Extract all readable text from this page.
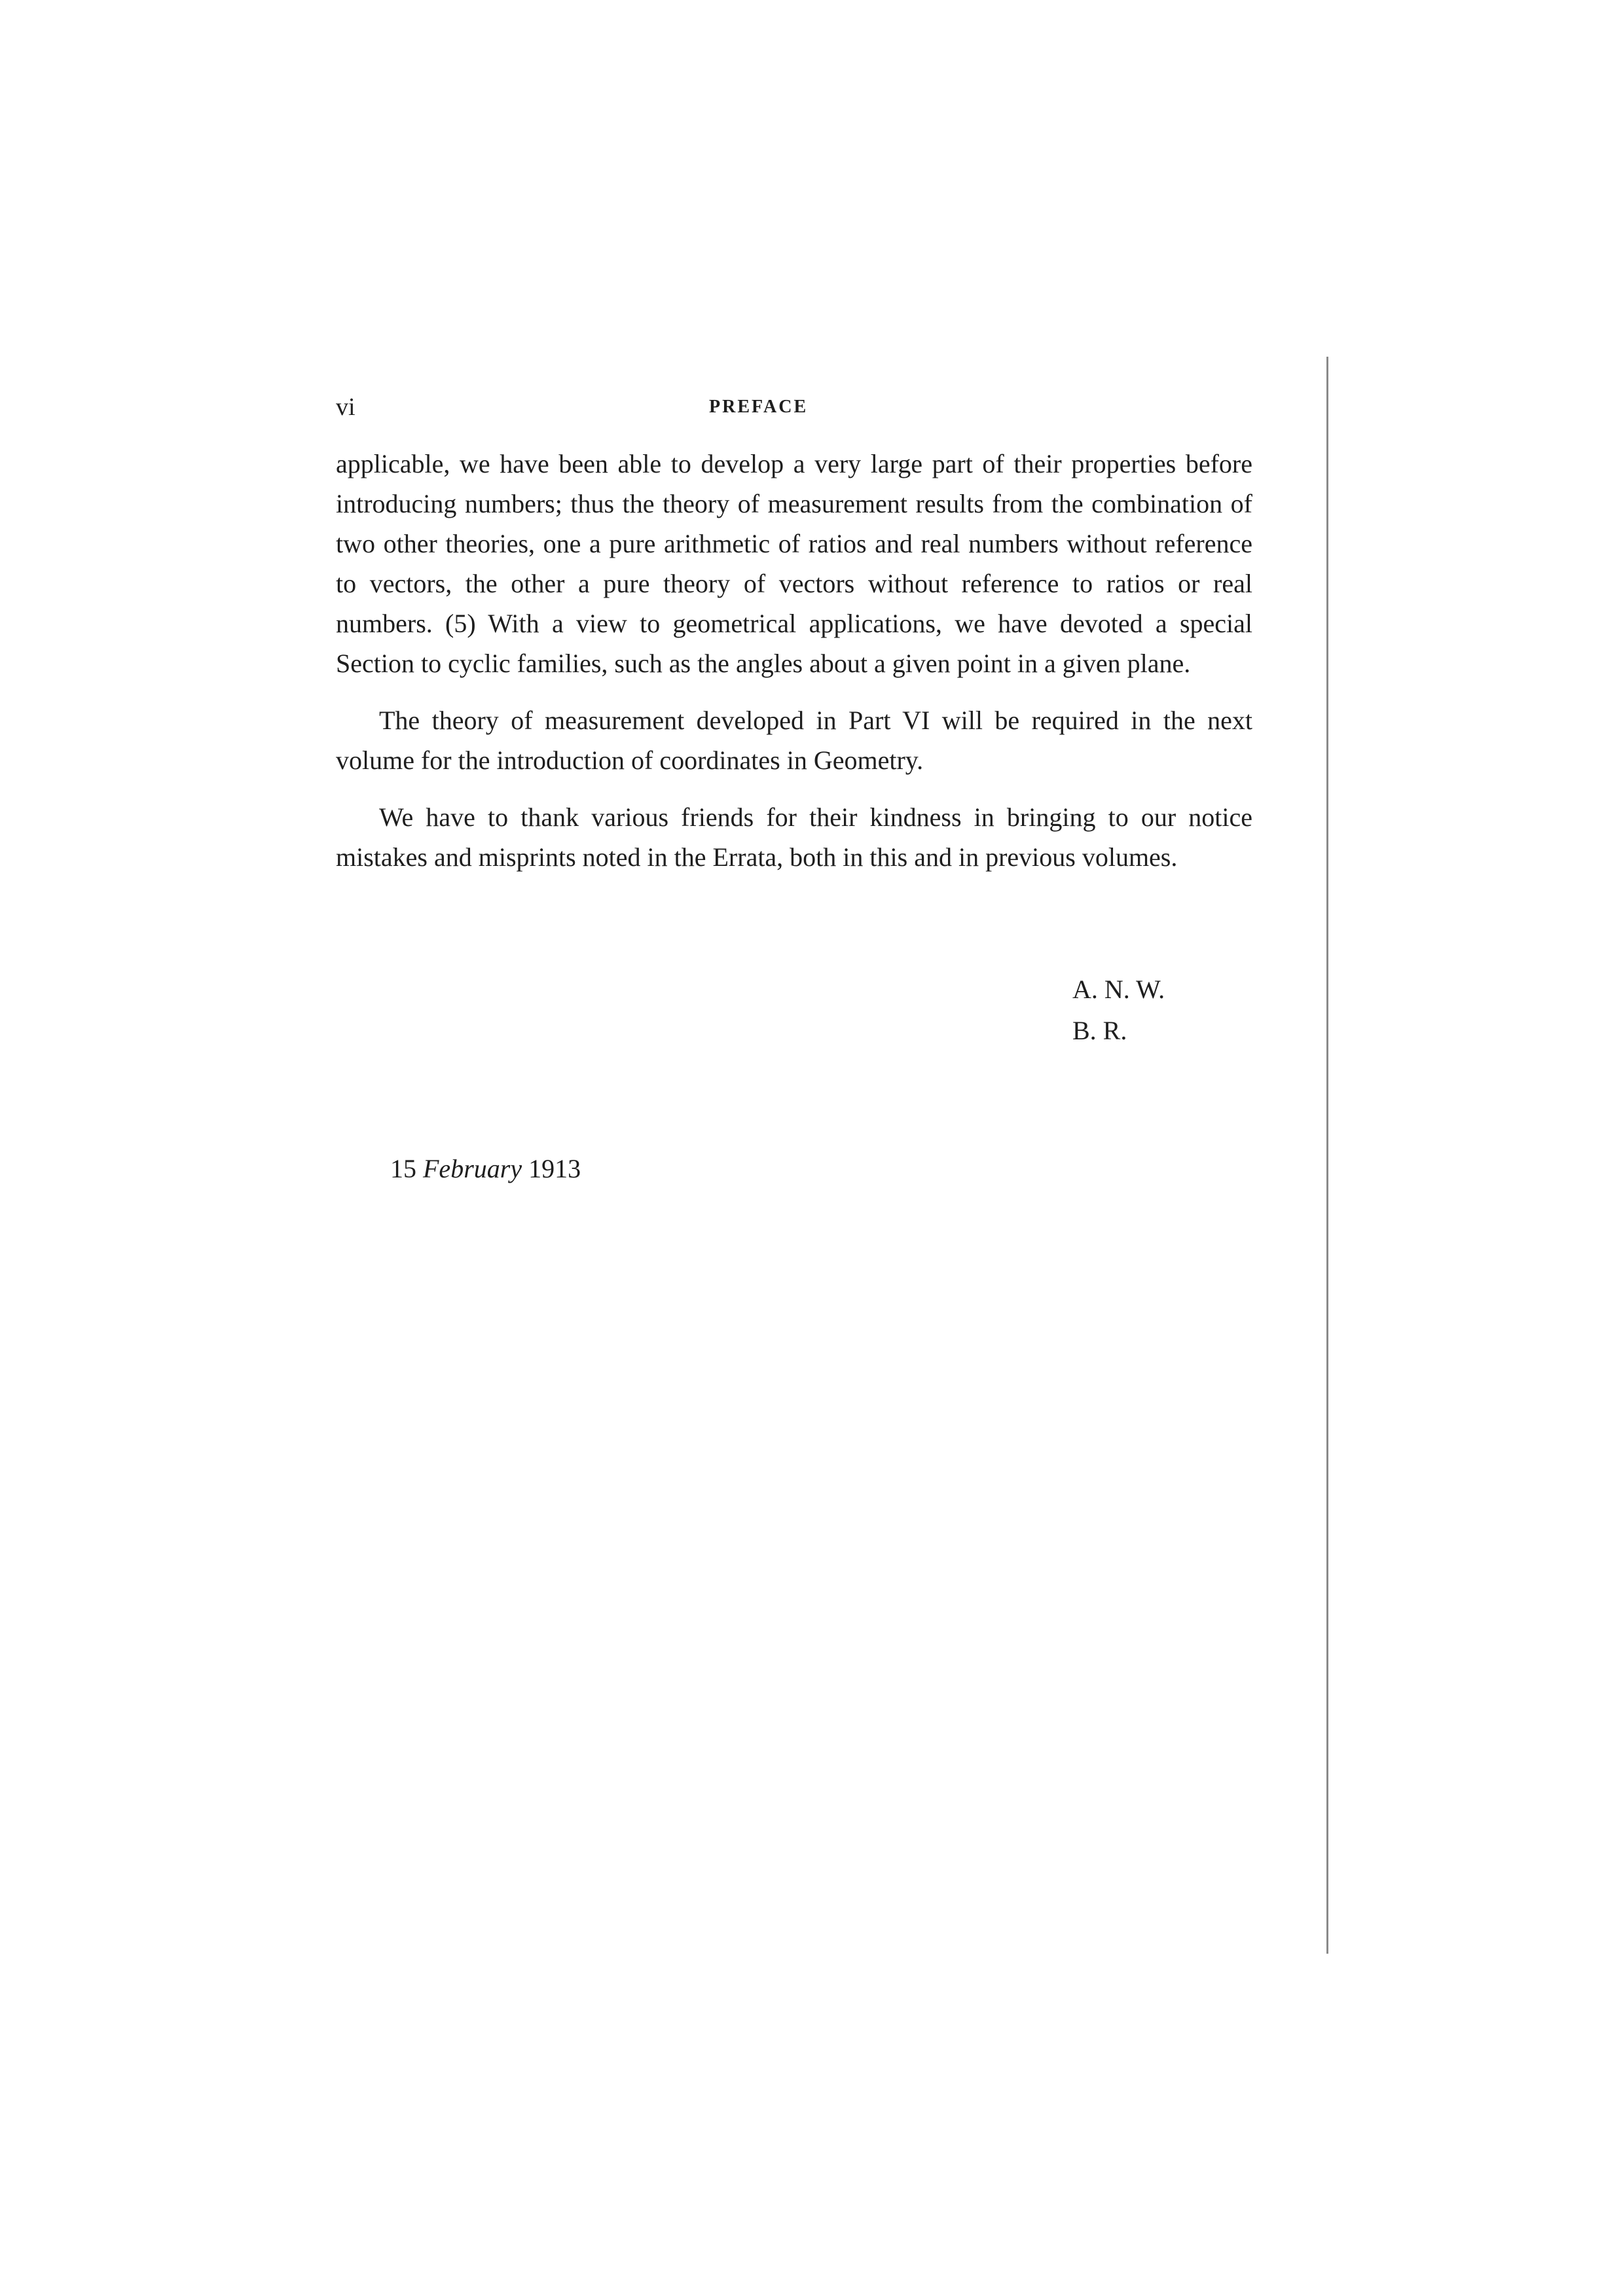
vi	PREFACE

applicable, we have been able to develop a very large part of their properties before introducing numbers; thus the theory of measurement results from the combination of two other theories, one a pure arithmetic of ratios and real numbers without reference to vectors, the other a pure theory of vectors without reference to ratios or real numbers. (5) With a view to geometrical applications, we have devoted a special Section to cyclic families, such as the angles about a given point in a given plane.

The theory of measurement developed in Part VI will be required in the next volume for the introduction of coordinates in Geometry.

We have to thank various friends for their kindness in bringing to our notice mistakes and misprints noted in the Errata, both in this and in previous volumes.

A. N. W.
B. R.
15 February 1913
